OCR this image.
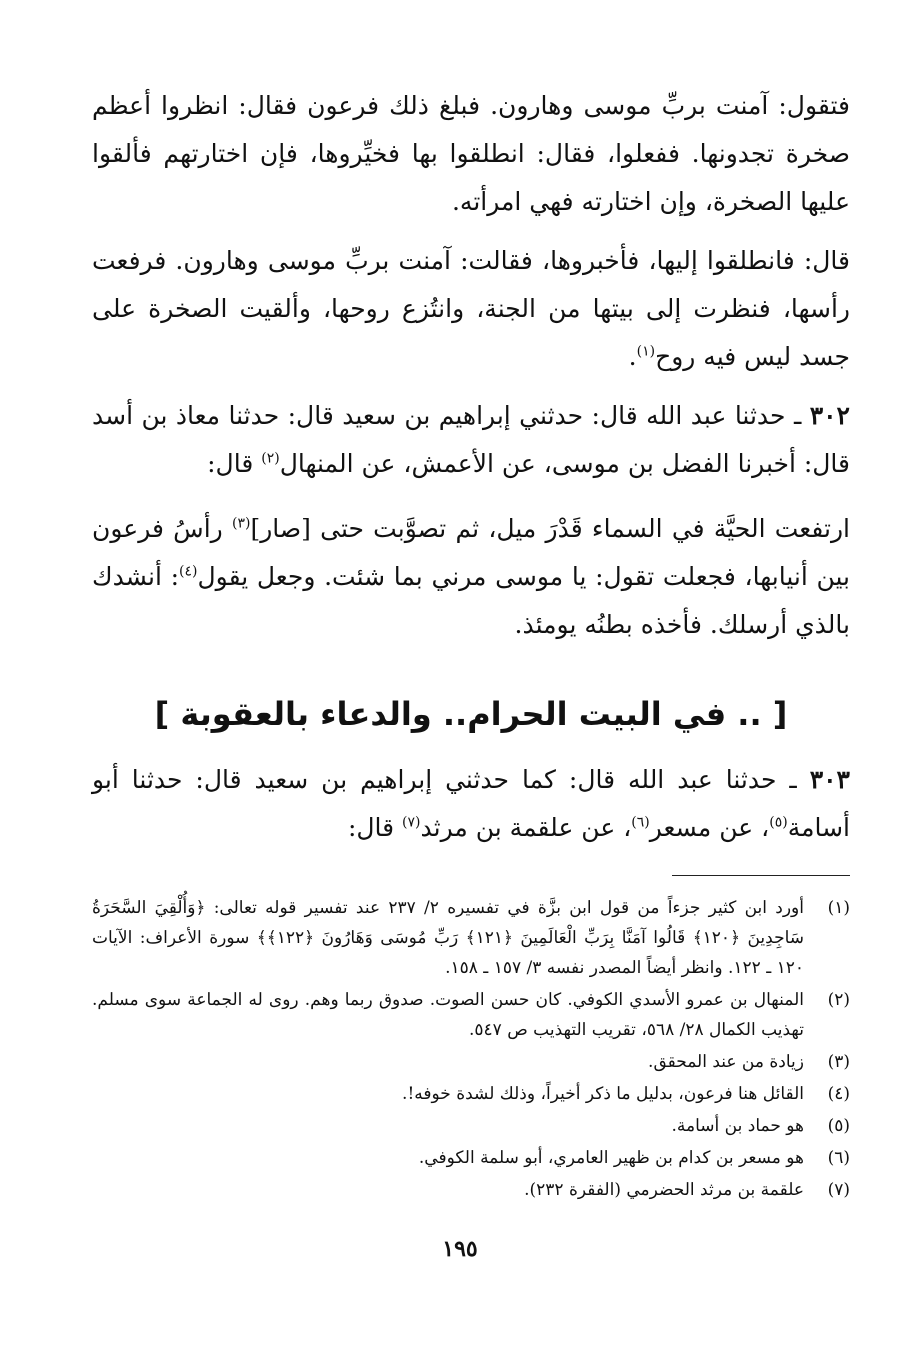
فتقول: آمنت بربِّ موسى وهارون. فبلغ ذلك فرعون فقال: انظروا أعظم صخرة تجدونها. ففعلوا، فقال: انطلقوا بها فخيِّروها، فإن اختارتهم فألقوا عليها الصخرة، وإن اختارته فهي امرأته.

قال: فانطلقوا إليها، فأخبروها، فقالت: آمنت بربِّ موسى وهارون. فرفعت رأسها، فنظرت إلى بيتها من الجنة، وانتُزع روحها، وألقيت الصخرة على جسد ليس فيه روح$^{(١)}$.

٣٠٢ ـ حدثنا عبد الله قال: حدثني إبراهيم بن سعيد قال: حدثنا معاذ بن أسد قال: أخبرنا الفضل بن موسى، عن الأعمش، عن المنهال$^{(٢)}$ قال:

ارتفعت الحيَّة في السماء قَدْرَ ميل، ثم تصوَّبت حتى [صار]$^{(٣)}$ رأسُ فرعون بين أنيابها، فجعلت تقول: يا موسى مرني بما شئت. وجعل يقول$^{(٤)}$: أنشدك بالذي أرسلك. فأخذه بطنُه يومئذ.

[ .. في البيت الحرام.. والدعاء بالعقوبة ]

٣٠٣ ـ حدثنا عبد الله قال: كما حدثني إبراهيم بن سعيد قال: حدثنا أبو أسامة$^{(٥)}$، عن مسعر$^{(٦)}$، عن علقمة بن مرثد$^{(٧)}$ قال:

(١)
أورد ابن كثير جزءاً من قول ابن بزَّة في تفسيره ٢/ ٢٣٧ عند تفسير قوله تعالى: ﴿وَأُلْقِيَ السَّحَرَةُ سَاجِدِينَ ﴿١٢٠﴾ قَالُوا آمَنَّا بِرَبِّ الْعَالَمِينَ ﴿١٢١﴾ رَبِّ مُوسَى وَهَارُونَ ﴿١٢٢﴾﴾ سورة الأعراف: الآيات ١٢٠ ـ ١٢٢. وانظر أيضاً المصدر نفسه ٣/ ١٥٧ ـ ١٥٨.
(٢)
المنهال بن عمرو الأسدي الكوفي. كان حسن الصوت. صدوق ربما وهم. روى له الجماعة سوى مسلم. تهذيب الكمال ٢٨/ ٥٦٨، تقريب التهذيب ص ٥٤٧.
(٣)
زيادة من عند المحقق.
(٤)
القائل هنا فرعون، بدليل ما ذكر أخيراً، وذلك لشدة خوفه!.
(٥)
هو حماد بن أسامة.
(٦)
هو مسعر بن كدام بن ظهير العامري، أبو سلمة الكوفي.
(٧)
علقمة بن مرثد الحضرمي (الفقرة ٢٣٢).
١٩٥
